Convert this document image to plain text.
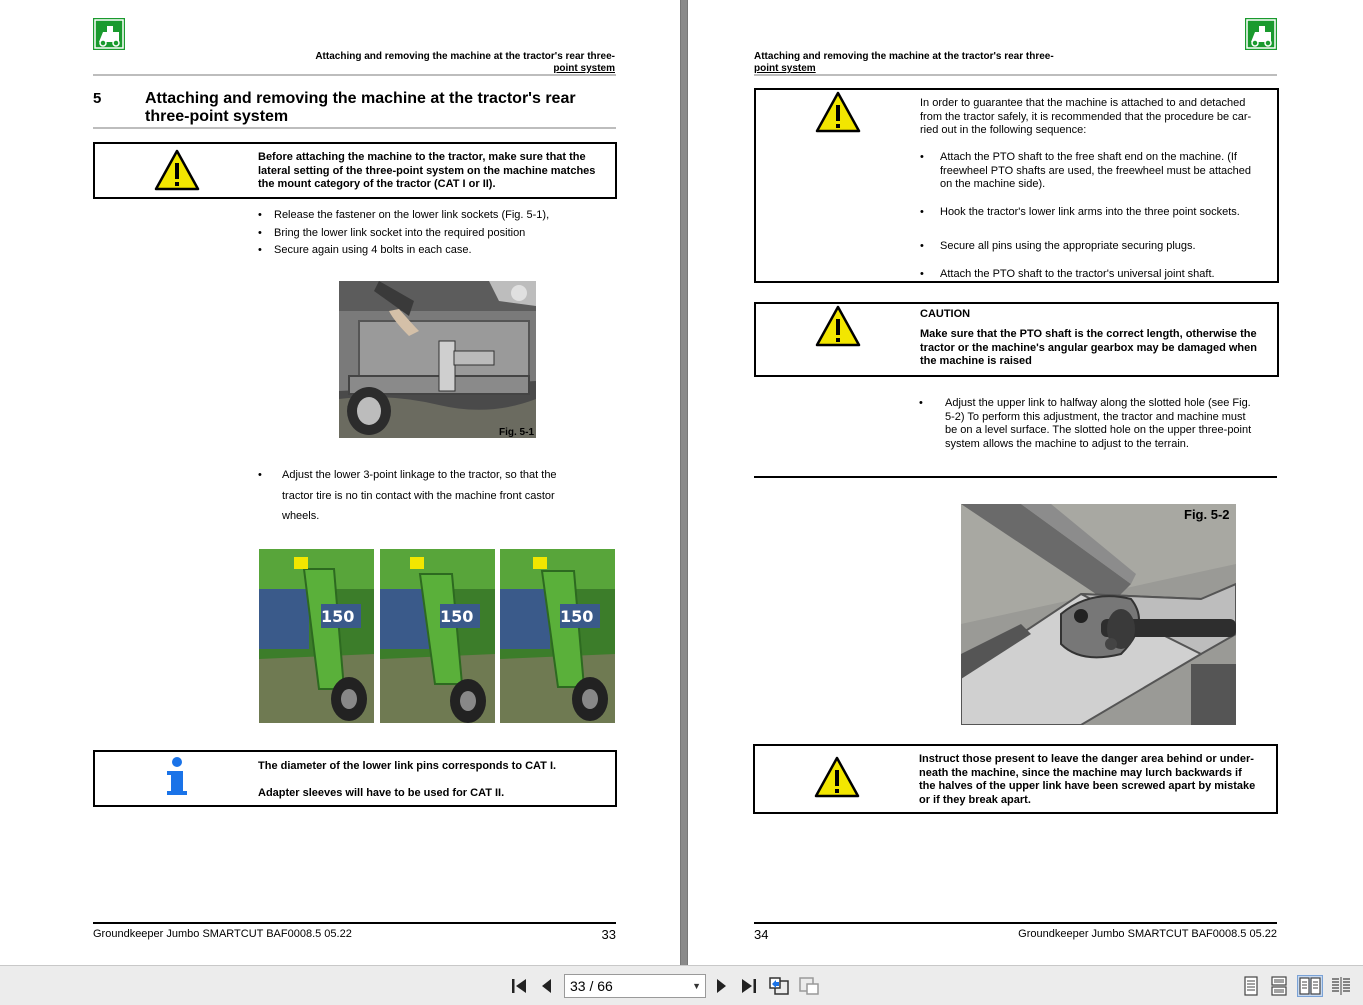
Attaching and removing the machine at the tractor's rear three-
point system
5	Attaching and removing the machine at the tractor's rear
three-point system
Before attaching the machine to the tractor, make sure that the
lateral setting of the three-point system on the machine matches
the mount category of the tractor (CAT I or II).
• Release the fastener on the lower link sockets (Fig. 5-1),
• Bring the lower link socket into the required position
• Secure again using 4 bolts in each case.
Fig. 5-1
• Adjust the lower 3-point linkage to the tractor, so that the
tractor tire is no tin contact with the machine front castor
wheels.
150	150	150
The diameter of the lower link pins corresponds to CAT I.
Adapter sleeves will have to be used for CAT II.
Groundkeeper Jumbo SMARTCUT BAF0008.5 05.22	33
Attaching and removing the machine at the tractor's rear three-
point system
In order to guarantee that the machine is attached to and detached
from the tractor safely, it is recommended that the procedure be car-
ried out in the following sequence:
• Attach the PTO shaft to the free shaft end on the machine. (If
freewheel PTO shafts are used, the freewheel must be attached
on the machine side).
• Hook the tractor's lower link arms into the three point sockets.
• Secure all pins using the appropriate securing plugs.
• Attach the PTO shaft to the tractor's universal joint shaft.
CAUTION
Make sure that the PTO shaft is the correct length, otherwise the
tractor or the machine's angular gearbox may be damaged when
the machine is raised
• Adjust the upper link to halfway along the slotted hole (see Fig.
5-2) To perform this adjustment, the tractor and machine must
be on a level surface. The slotted hole on the upper three-point
system allows the machine to adjust to the terrain.
Fig. 5-2
Instruct those present to leave the danger area behind or under-
neath the machine, since the machine may lurch backwards if
the halves of the upper link have been screwed apart by mistake
or if they break apart.
34	Groundkeeper Jumbo SMARTCUT BAF0008.5 05.22
33 / 66	▼
